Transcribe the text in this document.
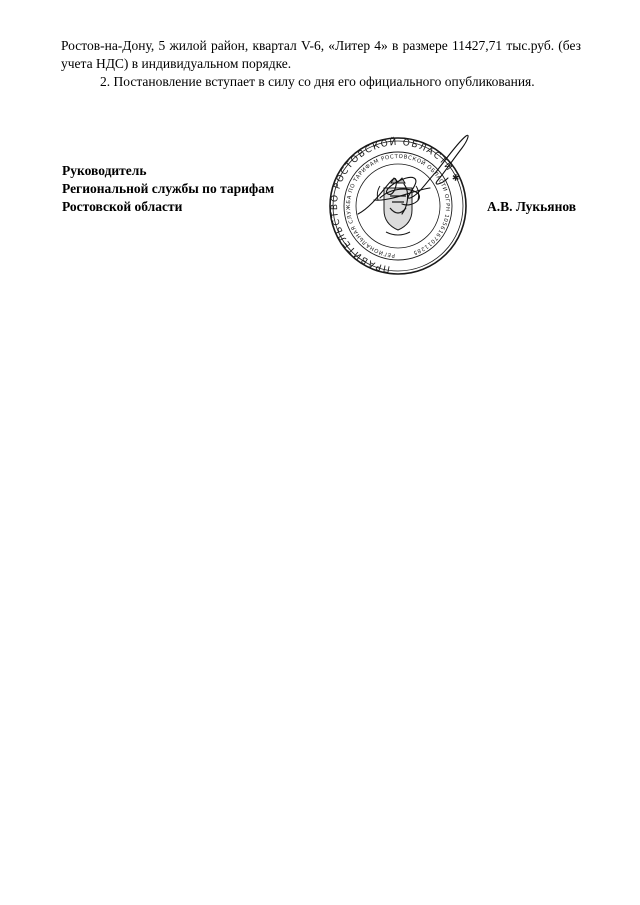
Ростов-на-Дону, 5 жилой район, квартал V-6, «Литер 4» в размере 11427,71 тыс.руб. (без учета НДС) в индивидуальном порядке.
2. Постановление вступает в силу со дня его официального опубликования.
Руководитель
Региональной службы по тарифам
Ростовской области
ПРАВИТЕЛЬСТВО РОСТОВСКОЙ ОБЛАСТИ ✱
РЕГИОНАЛЬНАЯ СЛУЖБА ПО ТАРИФАМ РОСТОВСКОЙ ОБЛАСТИ ОГРН 1056167011285
А.В. Лукьянов
